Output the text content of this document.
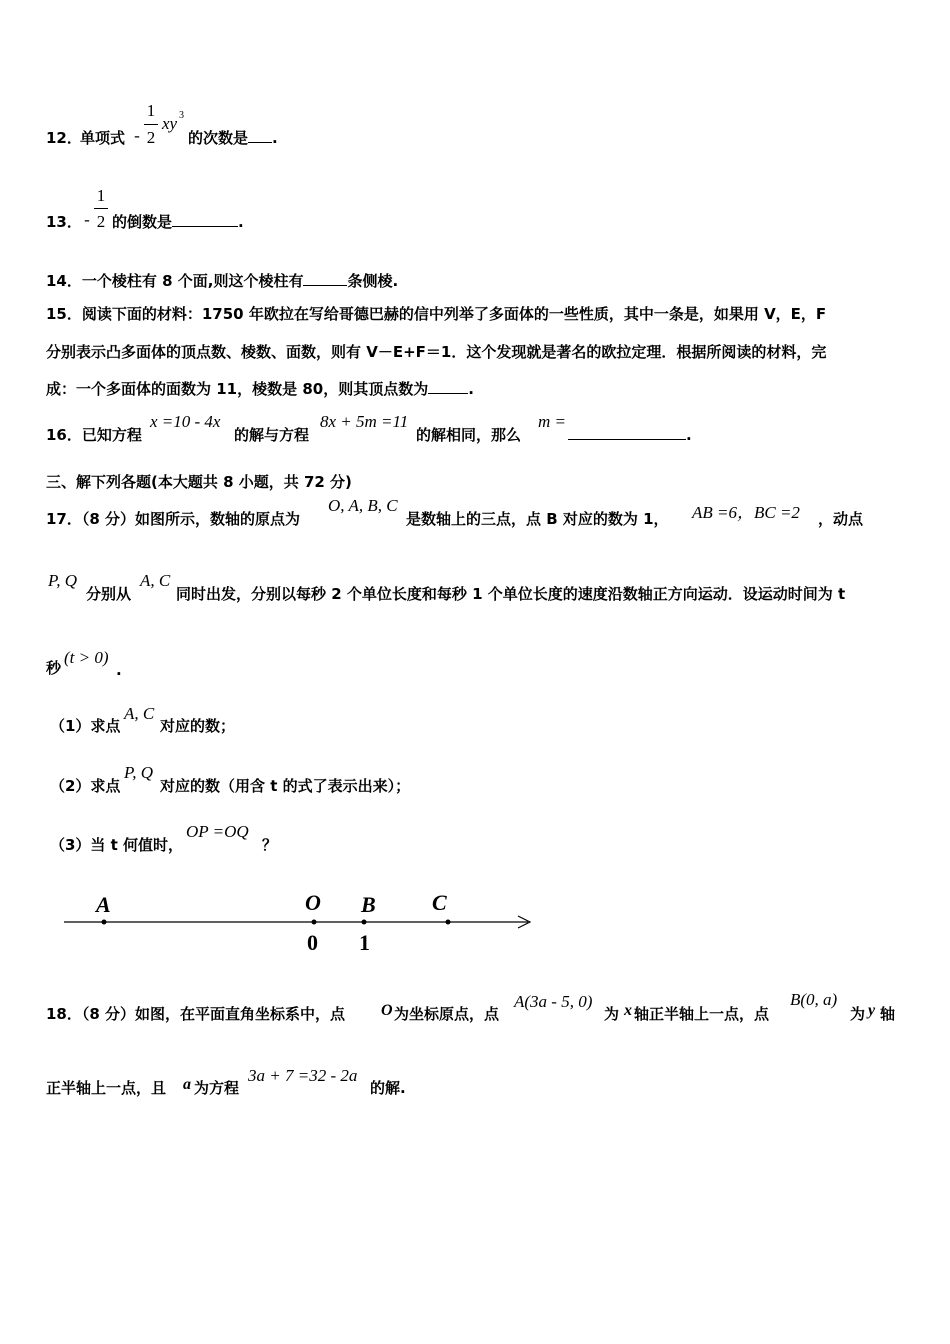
12．
单项式 -
1
2
xy 3
的次数是 .
13． -
1
2 的倒数是	.
14．一个棱柱有 8 个面,则这个棱柱有	条侧棱.
15．阅读下面的材料：1750 年欧拉在写给哥德巴赫的信中列举了多面体的一些性质，其中一条是，如果用 V，E，F
分别表示凸多面体的顶点数、棱数、面数，则有 V－E+F＝1．这个发现就是著名的欧拉定理．根据所阅读的材料，完
成：一个多面体的面数为 11，棱数是 80，则其顶点数为	.
16．已知方程
x =10 - 4x
的解与方程
8x + 5m =11
的解相同，那么
m =
.
三、解下列各题(本大题共 8 小题，共 72 分)
17．（8 分）如图所示，数轴的原点为
O, A, B, C
是数轴上的三点，点 B 对应的数为 1， AB =6，BC =2 ，动点
P, Q
分别从
A, C
同时出发，分别以每秒 2 个单位长度和每秒 1 个单位长度的速度沿数轴正方向运动．设运动时间为 t
秒
(t > 0)
.
（1）求点
A, C
对应的数；
（2）求点
P, Q
对应的数（用含 t 的式了表示出来）；
（3）当 t 何值时，
OP =OQ
？
A	O B	C
0 1
18．（8 分）如图，在平面直角坐标系中，点 O 为坐标原点，点
A(3a - 5, 0)
为 x 轴正半轴上一点，点
B(0, a)
为 y 轴
正半轴上一点，且 a 为方程
3a + 7 =32 - 2a
的解.
